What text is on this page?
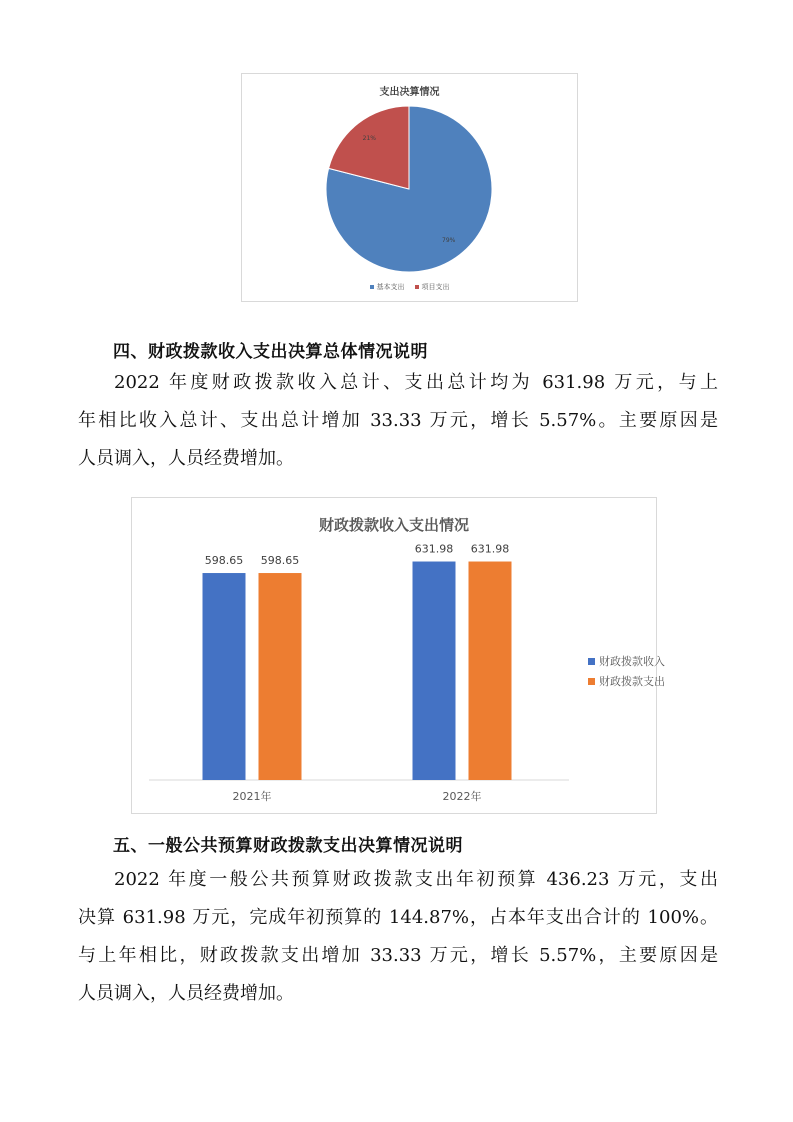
支出决算情况
79%
21%
基本支出 项目支出
四、财政拨款收入支出决算总体情况说明
2022 年度财政拨款收入总计、支出总计均为 631.98 万元，与上
年相比收入总计、支出总计增加 33.33 万元，增长 5.57%。主要原因是
人员调入，人员经费增加。
财政拨款收入支出情况
598.65 598.65
2021年
631.98 631.98
2022年
财政拨款收入
财政拨款支出
五、一般公共预算财政拨款支出决算情况说明
2022 年度一般公共预算财政拨款支出年初预算 436.23 万元，支出
决算 631.98 万元，完成年初预算的 144.87%，占本年支出合计的 100%。
与上年相比，财政拨款支出增加 33.33 万元，增长 5.57%，主要原因是
人员调入，人员经费增加。
